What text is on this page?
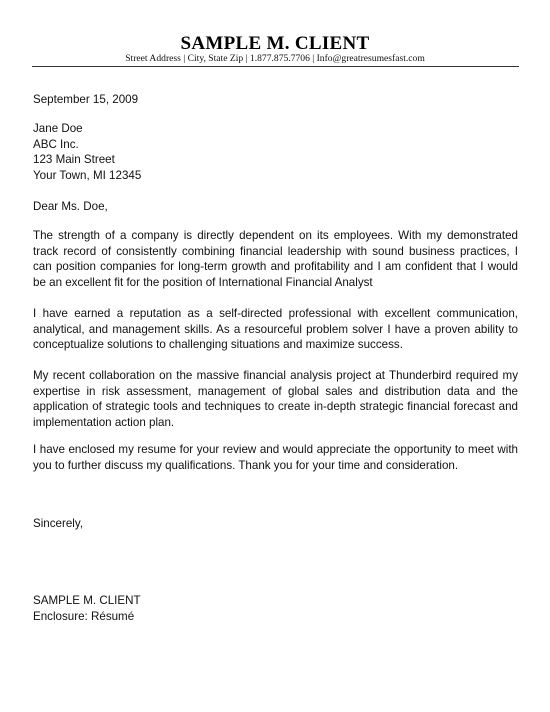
SAMPLE M. CLIENT
Street Address | City, State Zip | 1.877.875.7706 | Info@greatresumesfast.com
September 15, 2009
Jane Doe
ABC Inc.
123 Main Street
Your Town, MI 12345
Dear Ms. Doe,
The strength of a company is directly dependent on its employees. With my demonstrated track record of consistently combining financial leadership with sound business practices, I can position companies for long-term growth and profitability and I am confident that I would be an excellent fit for the position of International Financial Analyst
I have earned a reputation as a self-directed professional with excellent communication, analytical, and management skills. As a resourceful problem solver I have a proven ability to conceptualize solutions to challenging situations and maximize success.
My recent collaboration on the massive financial analysis project at Thunderbird required my expertise in risk assessment, management of global sales and distribution data and the application of strategic tools and techniques to create in-depth strategic financial forecast and implementation action plan.
I have enclosed my resume for your review and would appreciate the opportunity to meet with you to further discuss my qualifications. Thank you for your time and consideration.
Sincerely,
SAMPLE M. CLIENT
Enclosure: Résumé
